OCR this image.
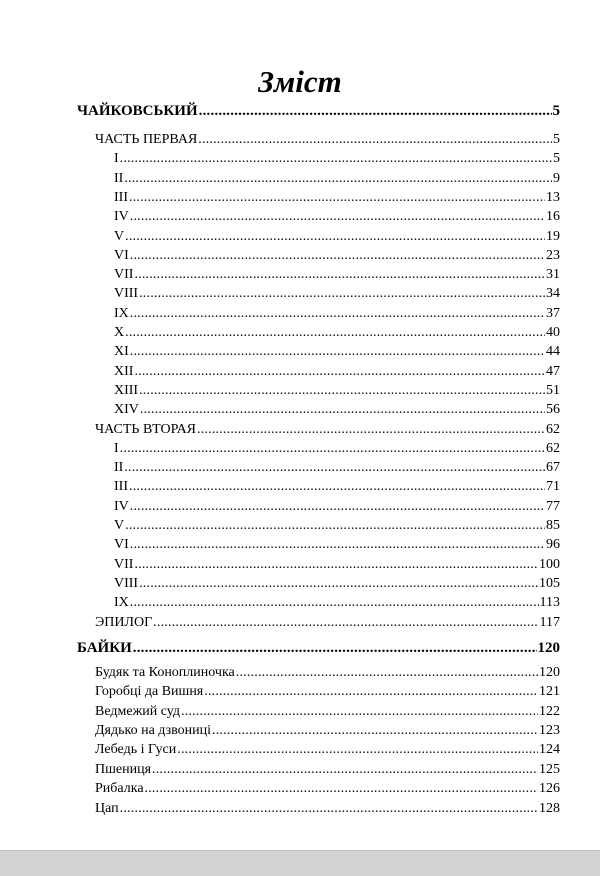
Зміст
ЧАЙКОВСЬКИЙ .....	5
ЧАСТЬ ПЕРВАЯ .....	5
I .....	5
II .....	9
III .....	13
IV .....	16
V .....	19
VI .....	23
VII .....	31
VIII .....	34
IX .....	37
X .....	40
XI .....	44
XII .....	47
XIII .....	51
XIV .....	56
ЧАСТЬ ВТОРАЯ .....	62
I .....	62
II .....	67
III .....	71
IV .....	77
V .....	85
VI .....	96
VII .....	100
VIII .....	105
IX .....	113
ЭПИЛОГ .....	117
БАЙКИ .....	120
Будяк та Коноплиночка .....	120
Горобці да Вишня .....	121
Ведмежий суд .....	122
Дядько на дзвониці .....	123
Лебедь і Гуси .....	124
Пшениця .....	125
Рибалка .....	126
Цап .....	128
